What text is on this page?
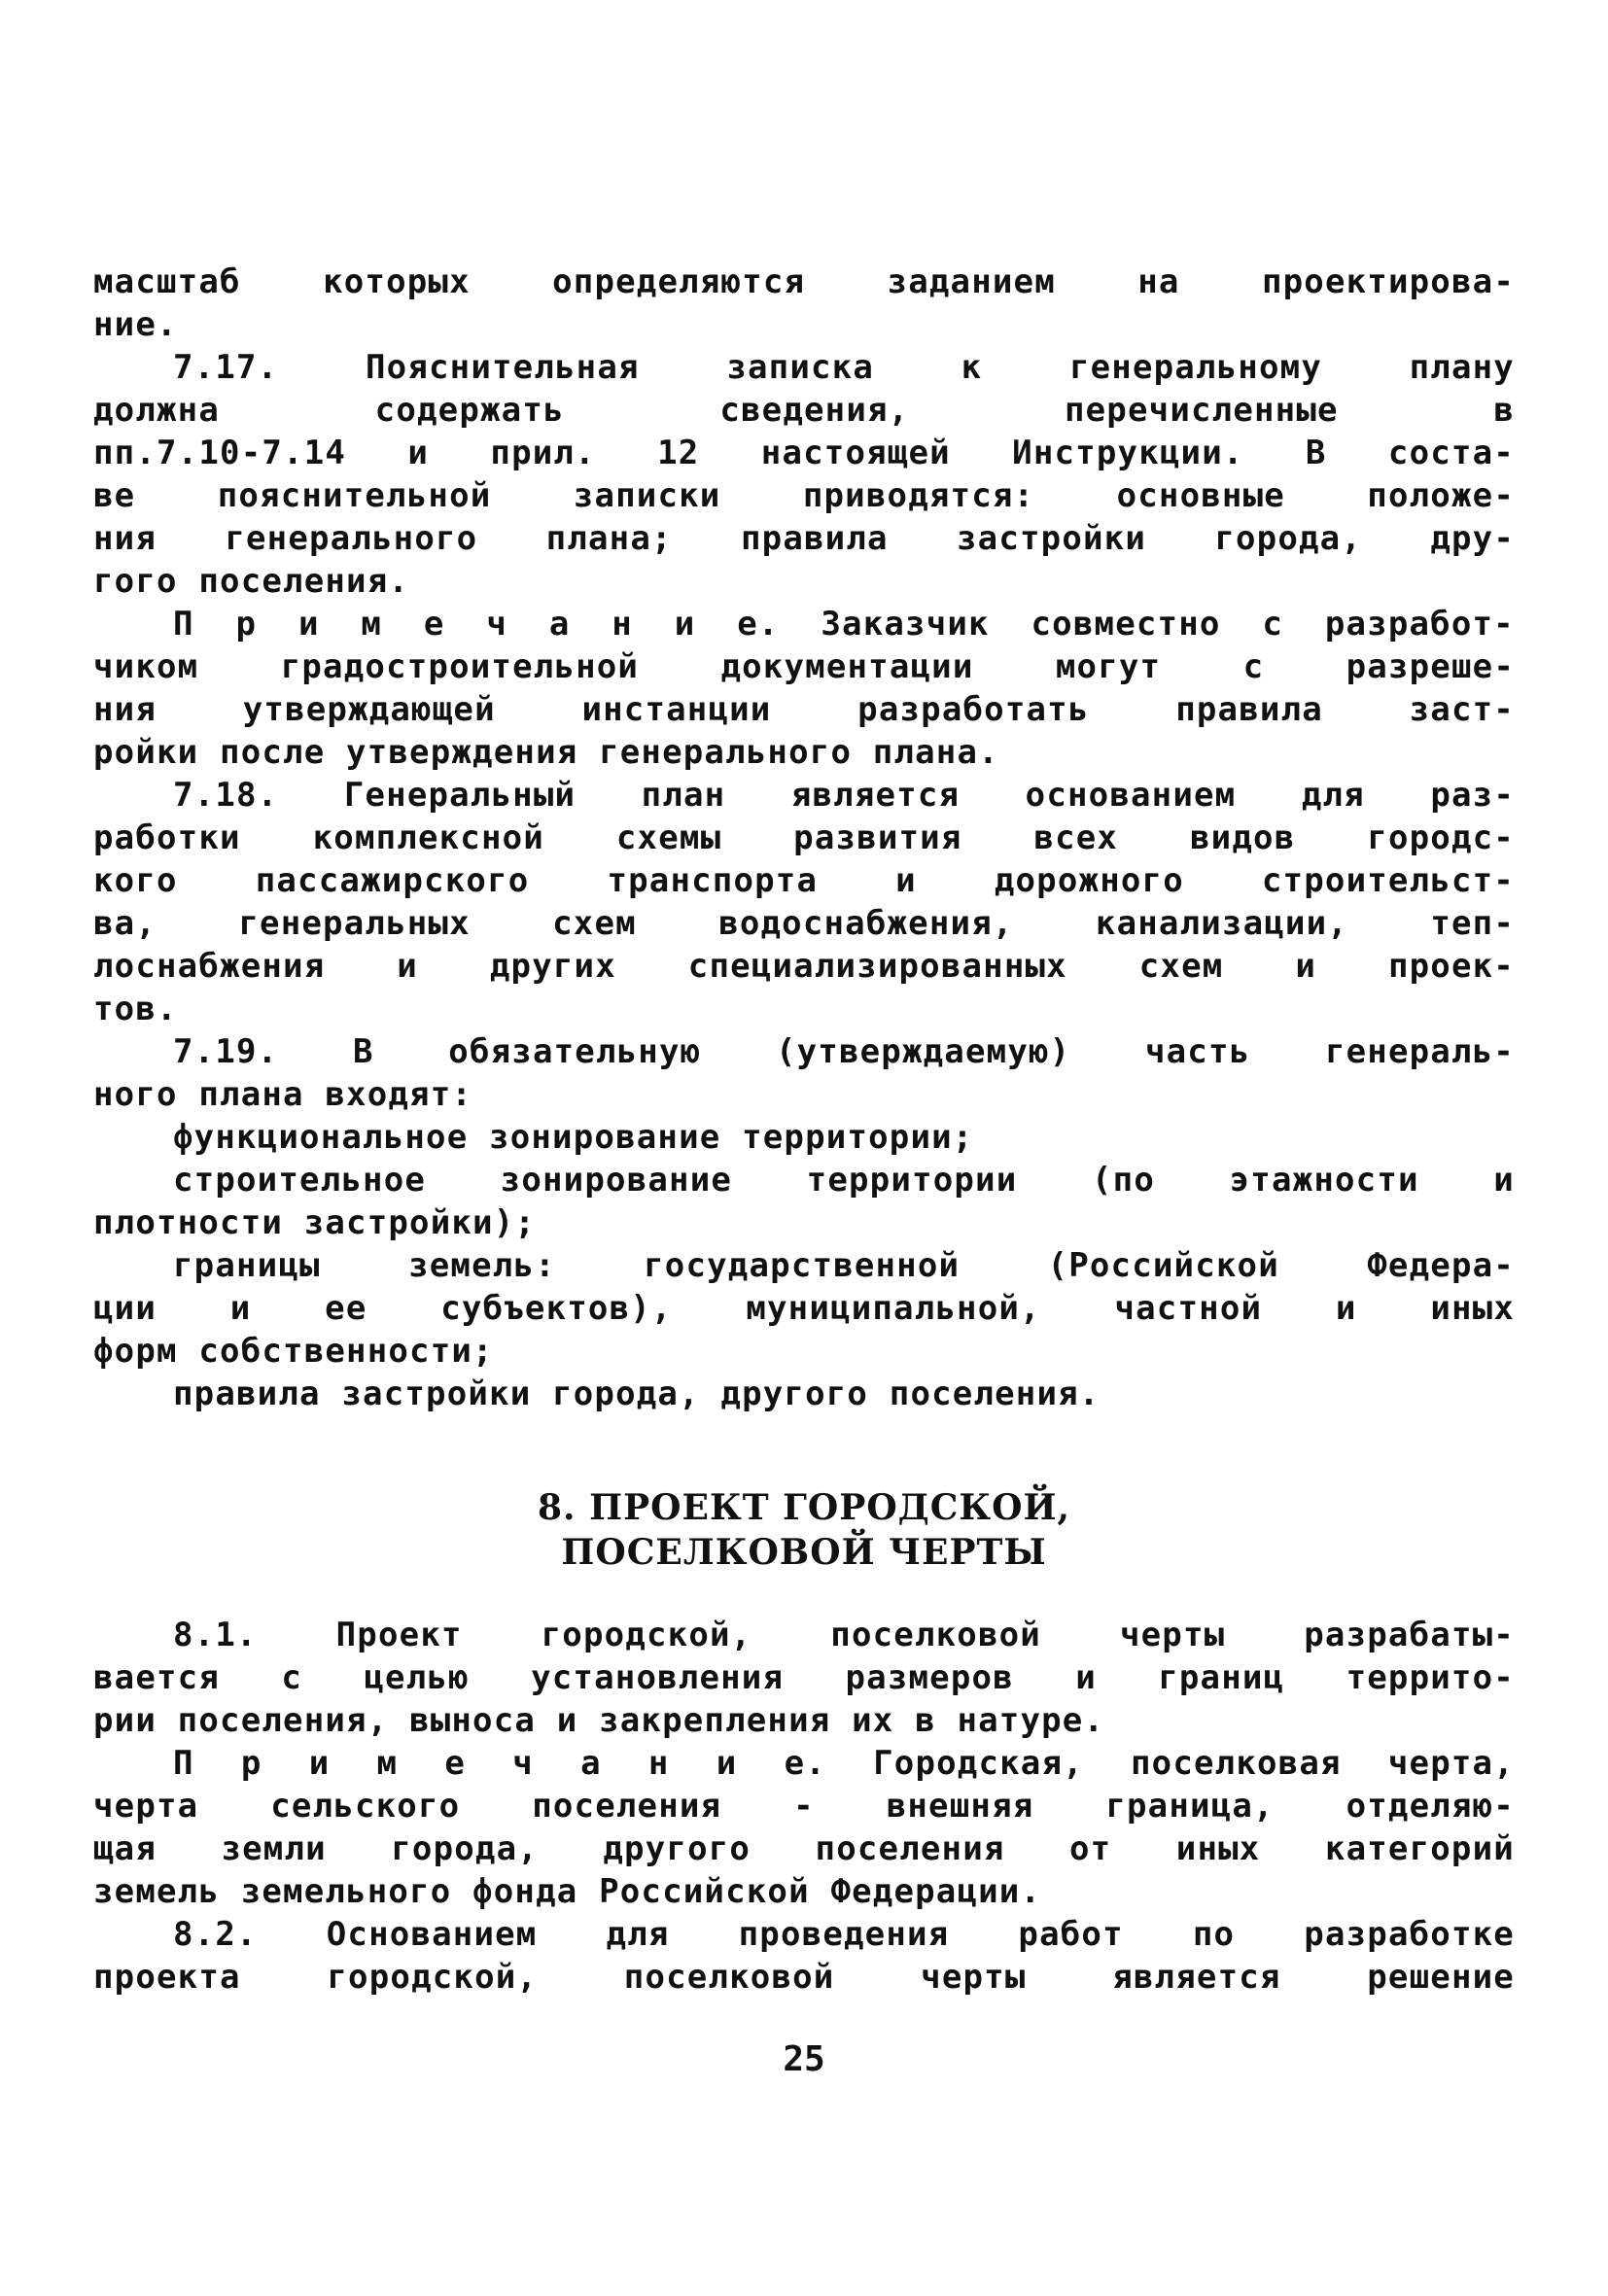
масштаб которых определяются заданием на проектирова-
ние.
7.17.	Пояснительная	записка	к	генеральному	плану
должна	содержать	сведения,	перечисленные	в
пп.7.10-7.14 и прил. 12 настоящей Инструкции. В соста-
ве пояснительной записки приводятся: основные положе-
ния генерального плана; правила застройки города, дру-
гого поселения.
П р и м е ч а н и е. Заказчик совместно с разработ-
чиком градостроительной документации могут с разреше-
ния	утверждающей	инстанции	разработать	правила	заст-
ройки после утверждения генерального плана.
7.18. Генеральный план является основанием для раз-
работки комплексной схемы развития всех видов городс-
кого пассажирского транспорта и дорожного строительст-
ва, генеральных схем водоснабжения, канализации, теп-
лоснабжения и других специализированных схем и проек-
тов.
7.19. В обязательную (утверждаемую) часть генераль-
ного плана входят:
функциональное зонирование территории;
строительное зонирование территории (по этажности и
плотности застройки);
границы	земель:	государственной	(Российской	Федера-
ции и ее субъектов), муниципальной, частной и иных
форм собственности;
правила застройки города, другого поселения.
8. ПРОЕКТ ГОРОДСКОЙ,
ПОСЕЛКОВОЙ ЧЕРТЫ
8.1. Проект городской, поселковой черты разрабаты-
вается с целью установления размеров и границ террито-
рии поселения, выноса и закрепления их в натуре.
П р и м е ч а н и е. Городская, поселковая черта,
черта сельского поселения - внешняя граница, отделяю-
щая земли города, другого поселения от иных категорий
земель земельного фонда Российской Федерации.
8.2. Основанием для проведения работ по разработке
проекта	городской,	поселковой	черты	является	решение
25
